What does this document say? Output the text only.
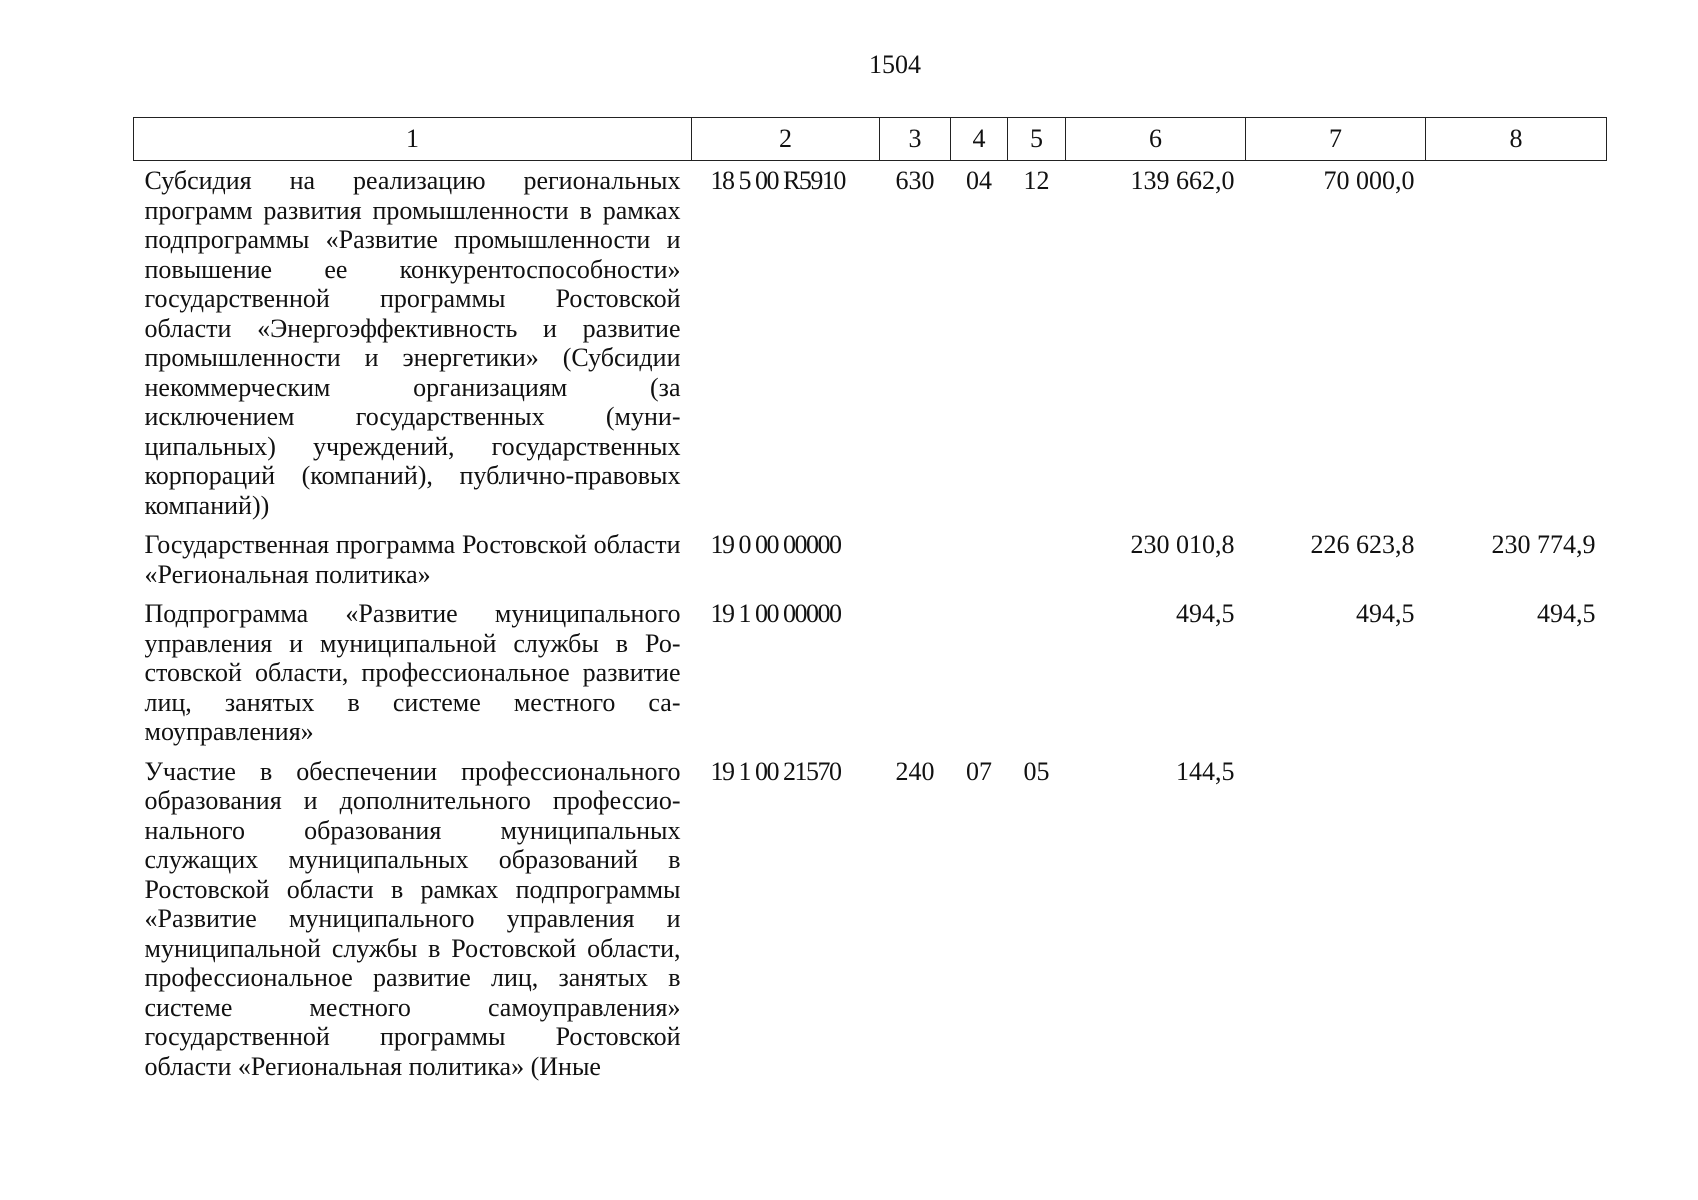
1504
1	2	3	4	5	6	7	8
Субсидия на реализацию региональных программ развития промышленности в рамках подпрограммы «Развитие промышленности и повышение ее конкурентоспособности» государственной программы Ростовской области «Энергоэффективность и развитие промышленности и энергетики» (Субсидии некоммерческим организациям (за исключением государственных (муниципальных) учреждений, государственных корпораций (компаний), публично-правовых компаний))	18 5 00 R5910	630	04	12	139 662,0	70 000,0	
Государственная программа Ростовской области «Региональная политика»	19 0 00 00000				230 010,8	226 623,8	230 774,9
Подпрограмма «Развитие муниципального управления и муниципальной службы в Ростовской области, профессиональное развитие лиц, занятых в системе местного самоуправления»	19 1 00 00000				494,5	494,5	494,5
Участие в обеспечении профессионального образования и дополнительного профессионального образования муниципальных служащих муниципальных образований в Ростовской области в рамках подпрограммы «Развитие муниципального управления и муниципальной службы в Ростовской области, профессиональное развитие лиц, занятых в системе местного самоуправления» государственной программы Ростовской области «Региональная политика» (Иные	19 1 00 21570	240	07	05	144,5		
